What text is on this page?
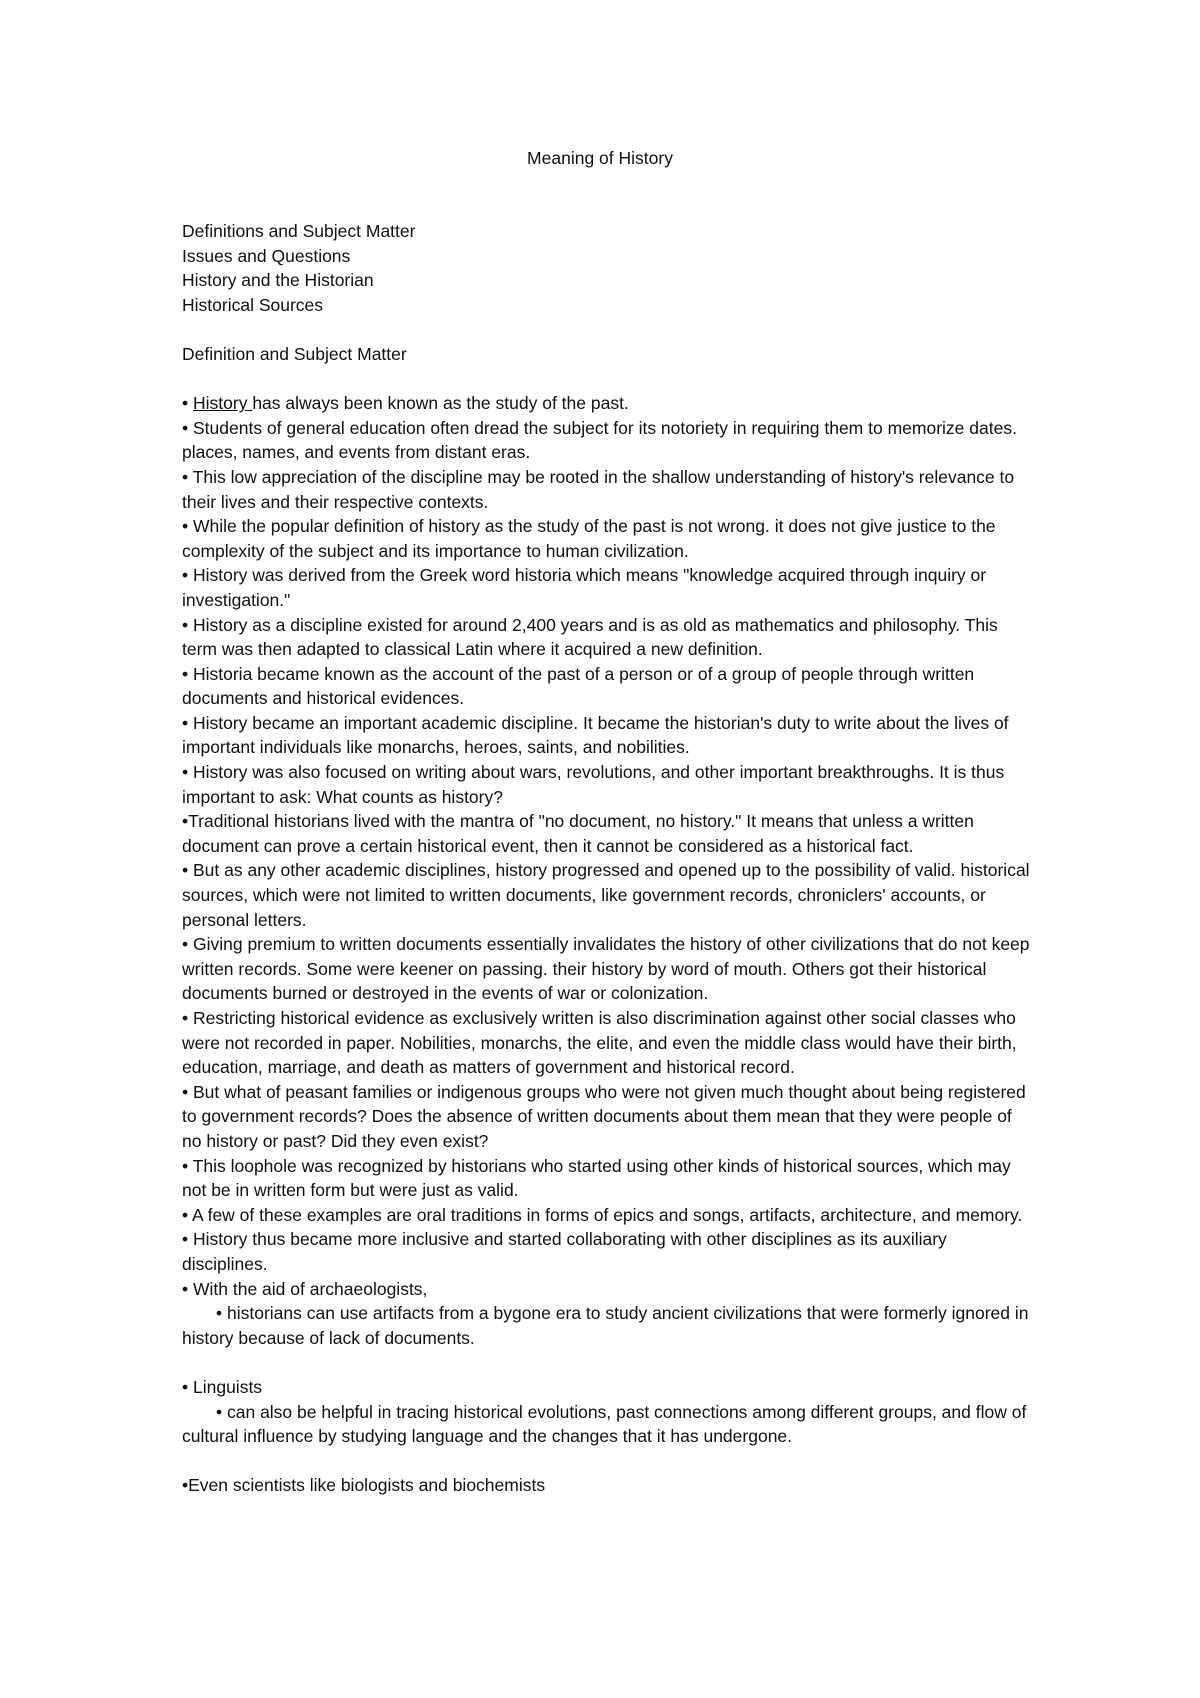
Meaning of History

Definitions and Subject Matter

Issues and Questions

History and the Historian

Historical Sources

Definition and Subject Matter

• History has always been known as the study of the past.

• Students of general education often dread the subject for its notoriety in requiring them to memorize dates. places, names, and events from distant eras.

• This low appreciation of the discipline may be rooted in the shallow understanding of history's relevance to their lives and their respective contexts.

• While the popular definition of history as the study of the past is not wrong. it does not give justice to the complexity of the subject and its importance to human civilization.

• History was derived from the Greek word historia which means "knowledge acquired through inquiry or investigation."

• History as a discipline existed for around 2,400 years and is as old as mathematics and philosophy. This term was then adapted to classical Latin where it acquired a new definition.

• Historia became known as the account of the past of a person or of a group of people through written documents and historical evidences.

• History became an important academic discipline. It became the historian's duty to write about the lives of important individuals like monarchs, heroes, saints, and nobilities.

• History was also focused on writing about wars, revolutions, and other important breakthroughs. It is thus important to ask: What counts as history?

•Traditional historians lived with the mantra of "no document, no history." It means that unless a written document can prove a certain historical event, then it cannot be considered as a historical fact.

• But as any other academic disciplines, history progressed and opened up to the possibility of valid. historical sources, which were not limited to written documents, like government records, chroniclers' accounts, or personal letters.

• Giving premium to written documents essentially invalidates the history of other civilizations that do not keep written records. Some were keener on passing. their history by word of mouth. Others got their historical documents burned or destroyed in the events of war or colonization.

• Restricting historical evidence as exclusively written is also discrimination against other social classes who were not recorded in paper. Nobilities, monarchs, the elite, and even the middle class would have their birth, education, marriage, and death as matters of government and historical record.

• But what of peasant families or indigenous groups who were not given much thought about being registered to government records? Does the absence of written documents about them mean that they were people of no history or past? Did they even exist?

• This loophole was recognized by historians who started using other kinds of historical sources, which may not be in written form but were just as valid.

• A few of these examples are oral traditions in forms of epics and songs, artifacts, architecture, and memory.

• History thus became more inclusive and started collaborating with other disciplines as its auxiliary disciplines.

• With the aid of archaeologists,

• historians can use artifacts from a bygone era to study ancient civilizations that were formerly ignored in history because of lack of documents.

• Linguists

• can also be helpful in tracing historical evolutions, past connections among different groups, and flow of cultural influence by studying language and the changes that it has undergone.

•Even scientists like biologists and biochemists
